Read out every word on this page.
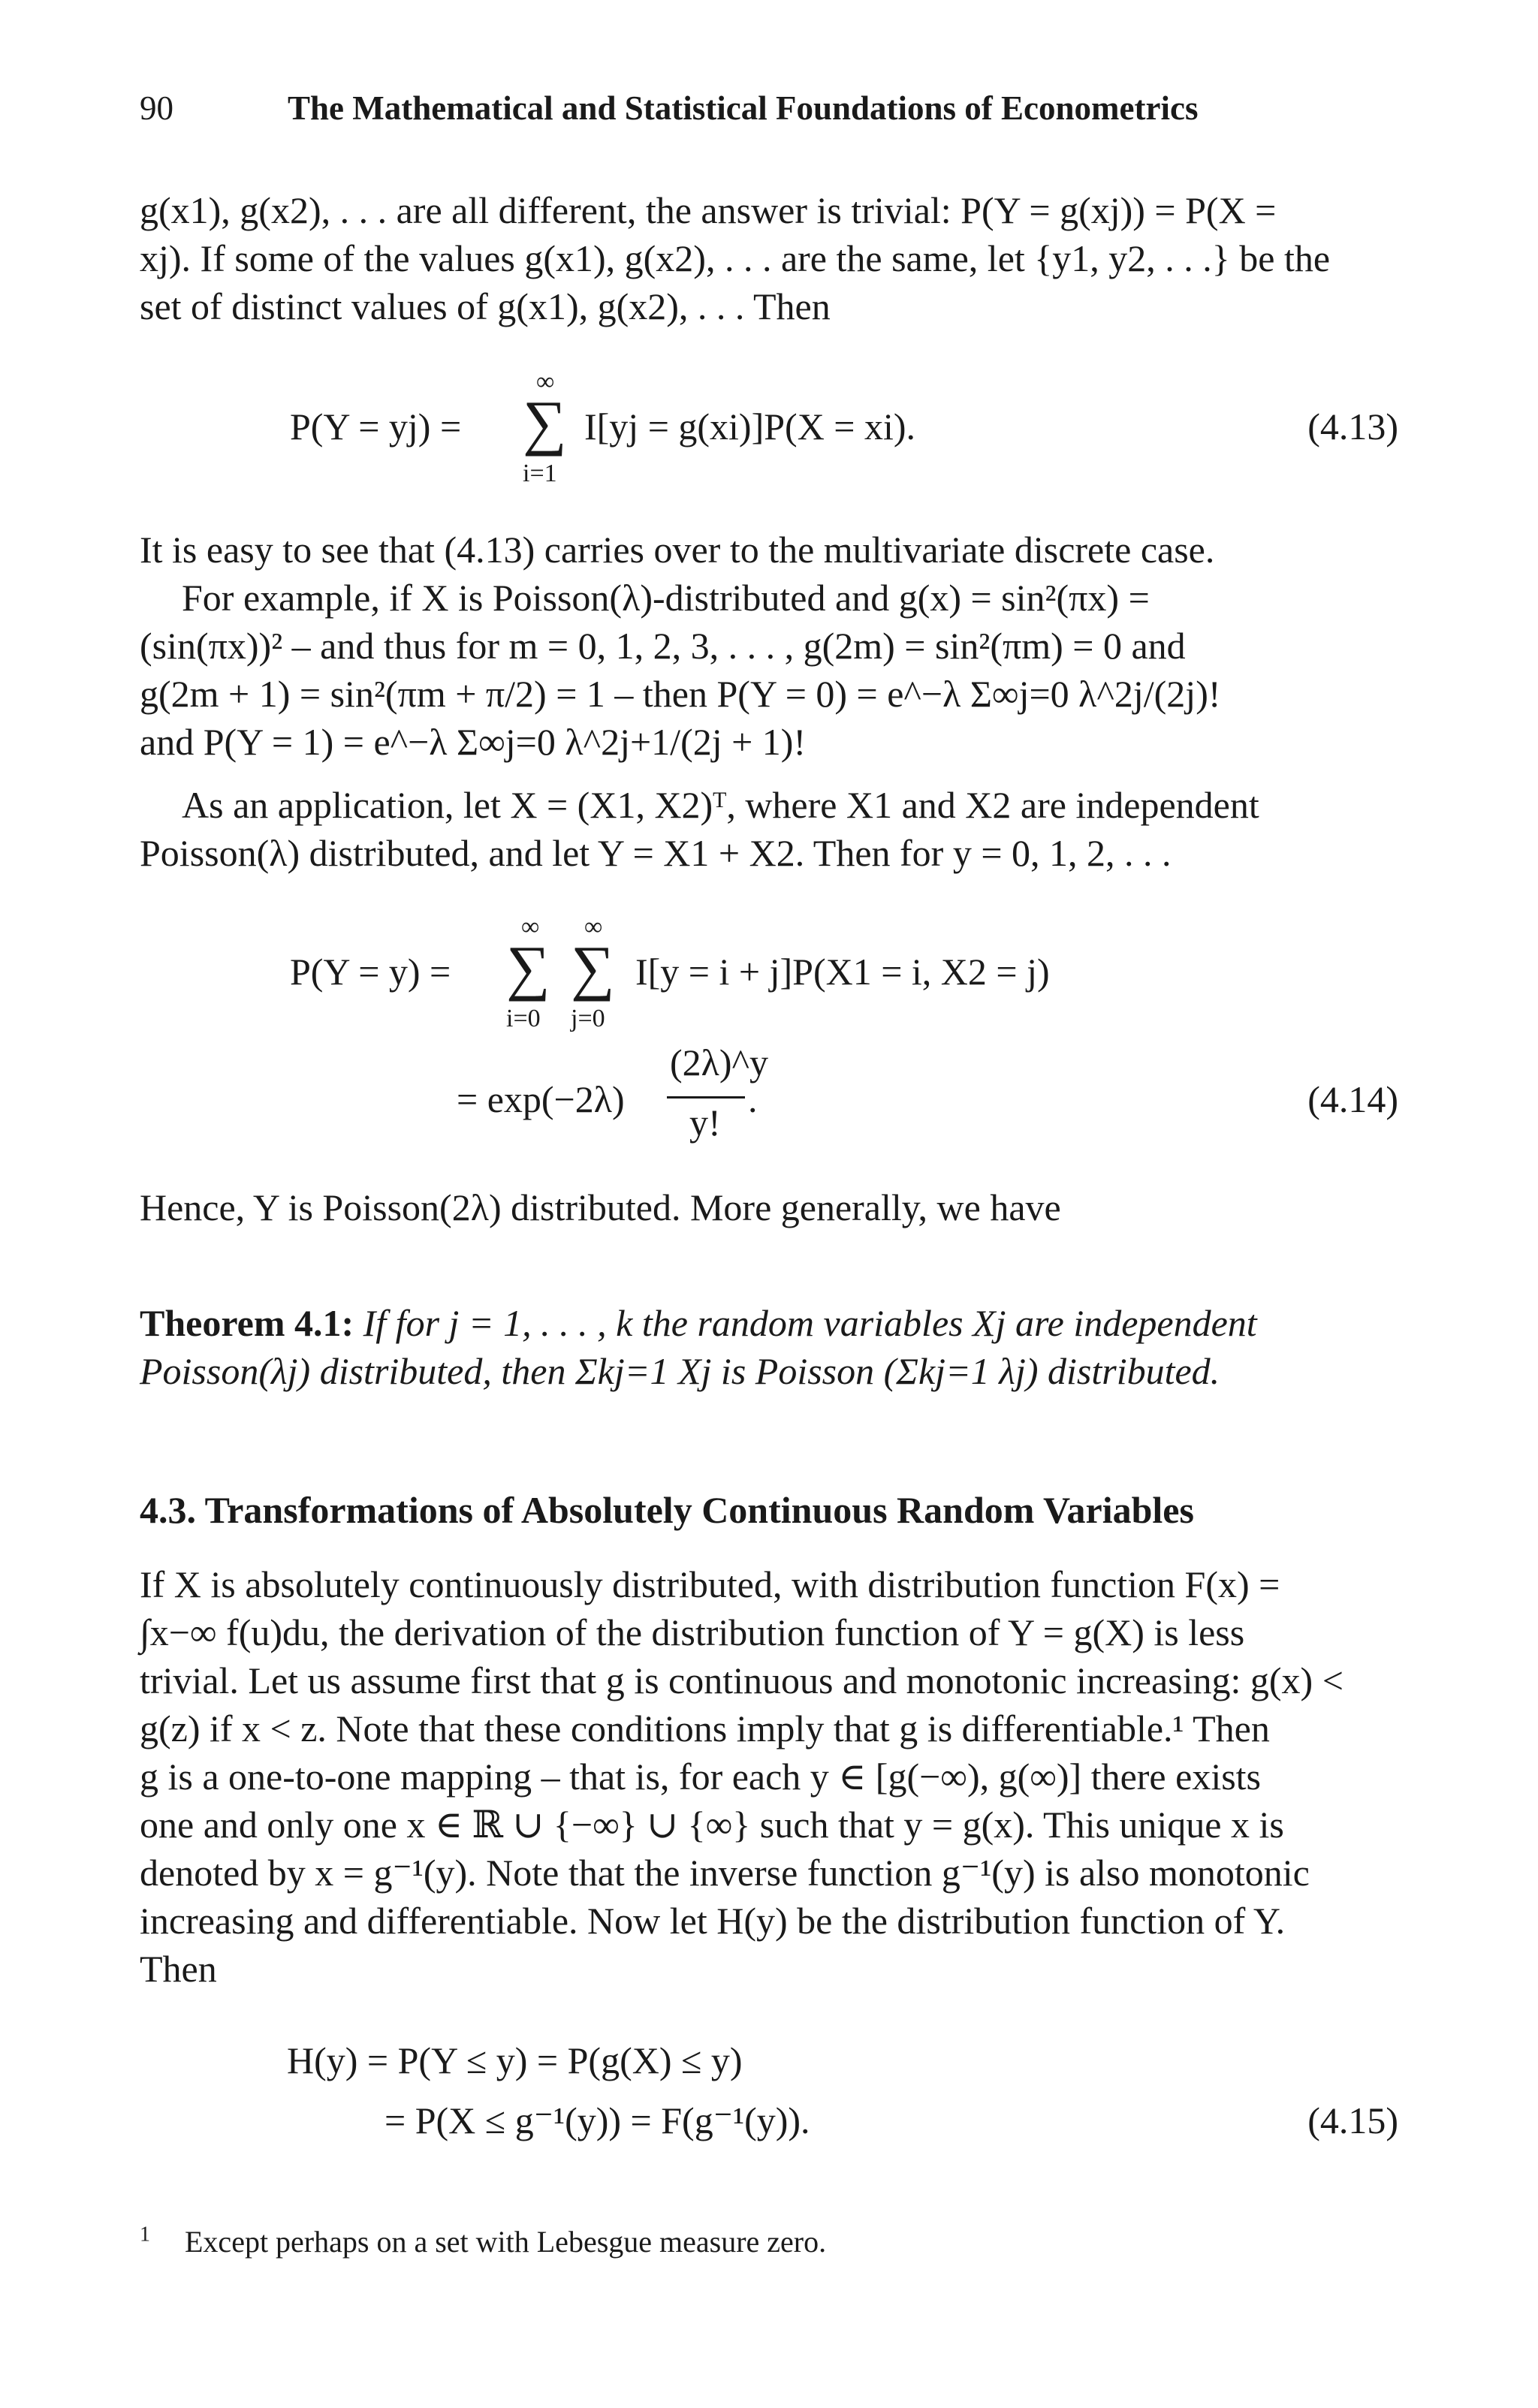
90	The Mathematical and Statistical Foundations of Econometrics
g(x1), g(x2), . . . are all different, the answer is trivial: P(Y = g(xj)) = P(X =
xj). If some of the values g(x1), g(x2), . . . are the same, let {y1, y2, . . .} be the
set of distinct values of g(x1), g(x2), . . . Then
P(Y = yj) =
∞
∑
i=1
I[yj = g(xi)]P(X = xi).	(4.13)
It is easy to see that (4.13) carries over to the multivariate discrete case.
For example, if X is Poisson(λ)-distributed and g(x) = sin²(πx) =
(sin(πx))² – and thus for m = 0, 1, 2, 3, . . . , g(2m) = sin²(πm) = 0 and
g(2m + 1) = sin²(πm + π/2) = 1 – then P(Y = 0) = e^−λ Σ∞j=0 λ^2j/(2j)!
and P(Y = 1) = e^−λ Σ∞j=0 λ^2j+1/(2j + 1)!
As an application, let X = (X1, X2)ᵀ, where X1 and X2 are independent
Poisson(λ) distributed, and let Y = X1 + X2. Then for y = 0, 1, 2, . . .
P(Y = y) =
∞
∑
i=0
∞
∑
j=0
I[y = i + j]P(X1 = i, X2 = j)
= exp(−2λ)
(2λ)^y
y!
.	(4.14)
Hence, Y is Poisson(2λ) distributed. More generally, we have
Theorem 4.1: If for j = 1, . . . , k the random variables Xj are independent
Poisson(λj) distributed, then Σkj=1 Xj is Poisson (Σkj=1 λj) distributed.
4.3. Transformations of Absolutely Continuous Random Variables
If X is absolutely continuously distributed, with distribution function F(x) =
∫x−∞ f(u)du, the derivation of the distribution function of Y = g(X) is less
trivial. Let us assume first that g is continuous and monotonic increasing: g(x) <
g(z) if x < z. Note that these conditions imply that g is differentiable.¹ Then
g is a one-to-one mapping – that is, for each y ∈ [g(−∞), g(∞)] there exists
one and only one x ∈ ℝ ∪ {−∞} ∪ {∞} such that y = g(x). This unique x is
denoted by x = g⁻¹(y). Note that the inverse function g⁻¹(y) is also monotonic
increasing and differentiable. Now let H(y) be the distribution function of Y.
Then
H(y) = P(Y ≤ y) = P(g(X) ≤ y)
= P(X ≤ g⁻¹(y)) = F(g⁻¹(y)).	(4.15)
$^1$ Except perhaps on a set with Lebesgue measure zero.
